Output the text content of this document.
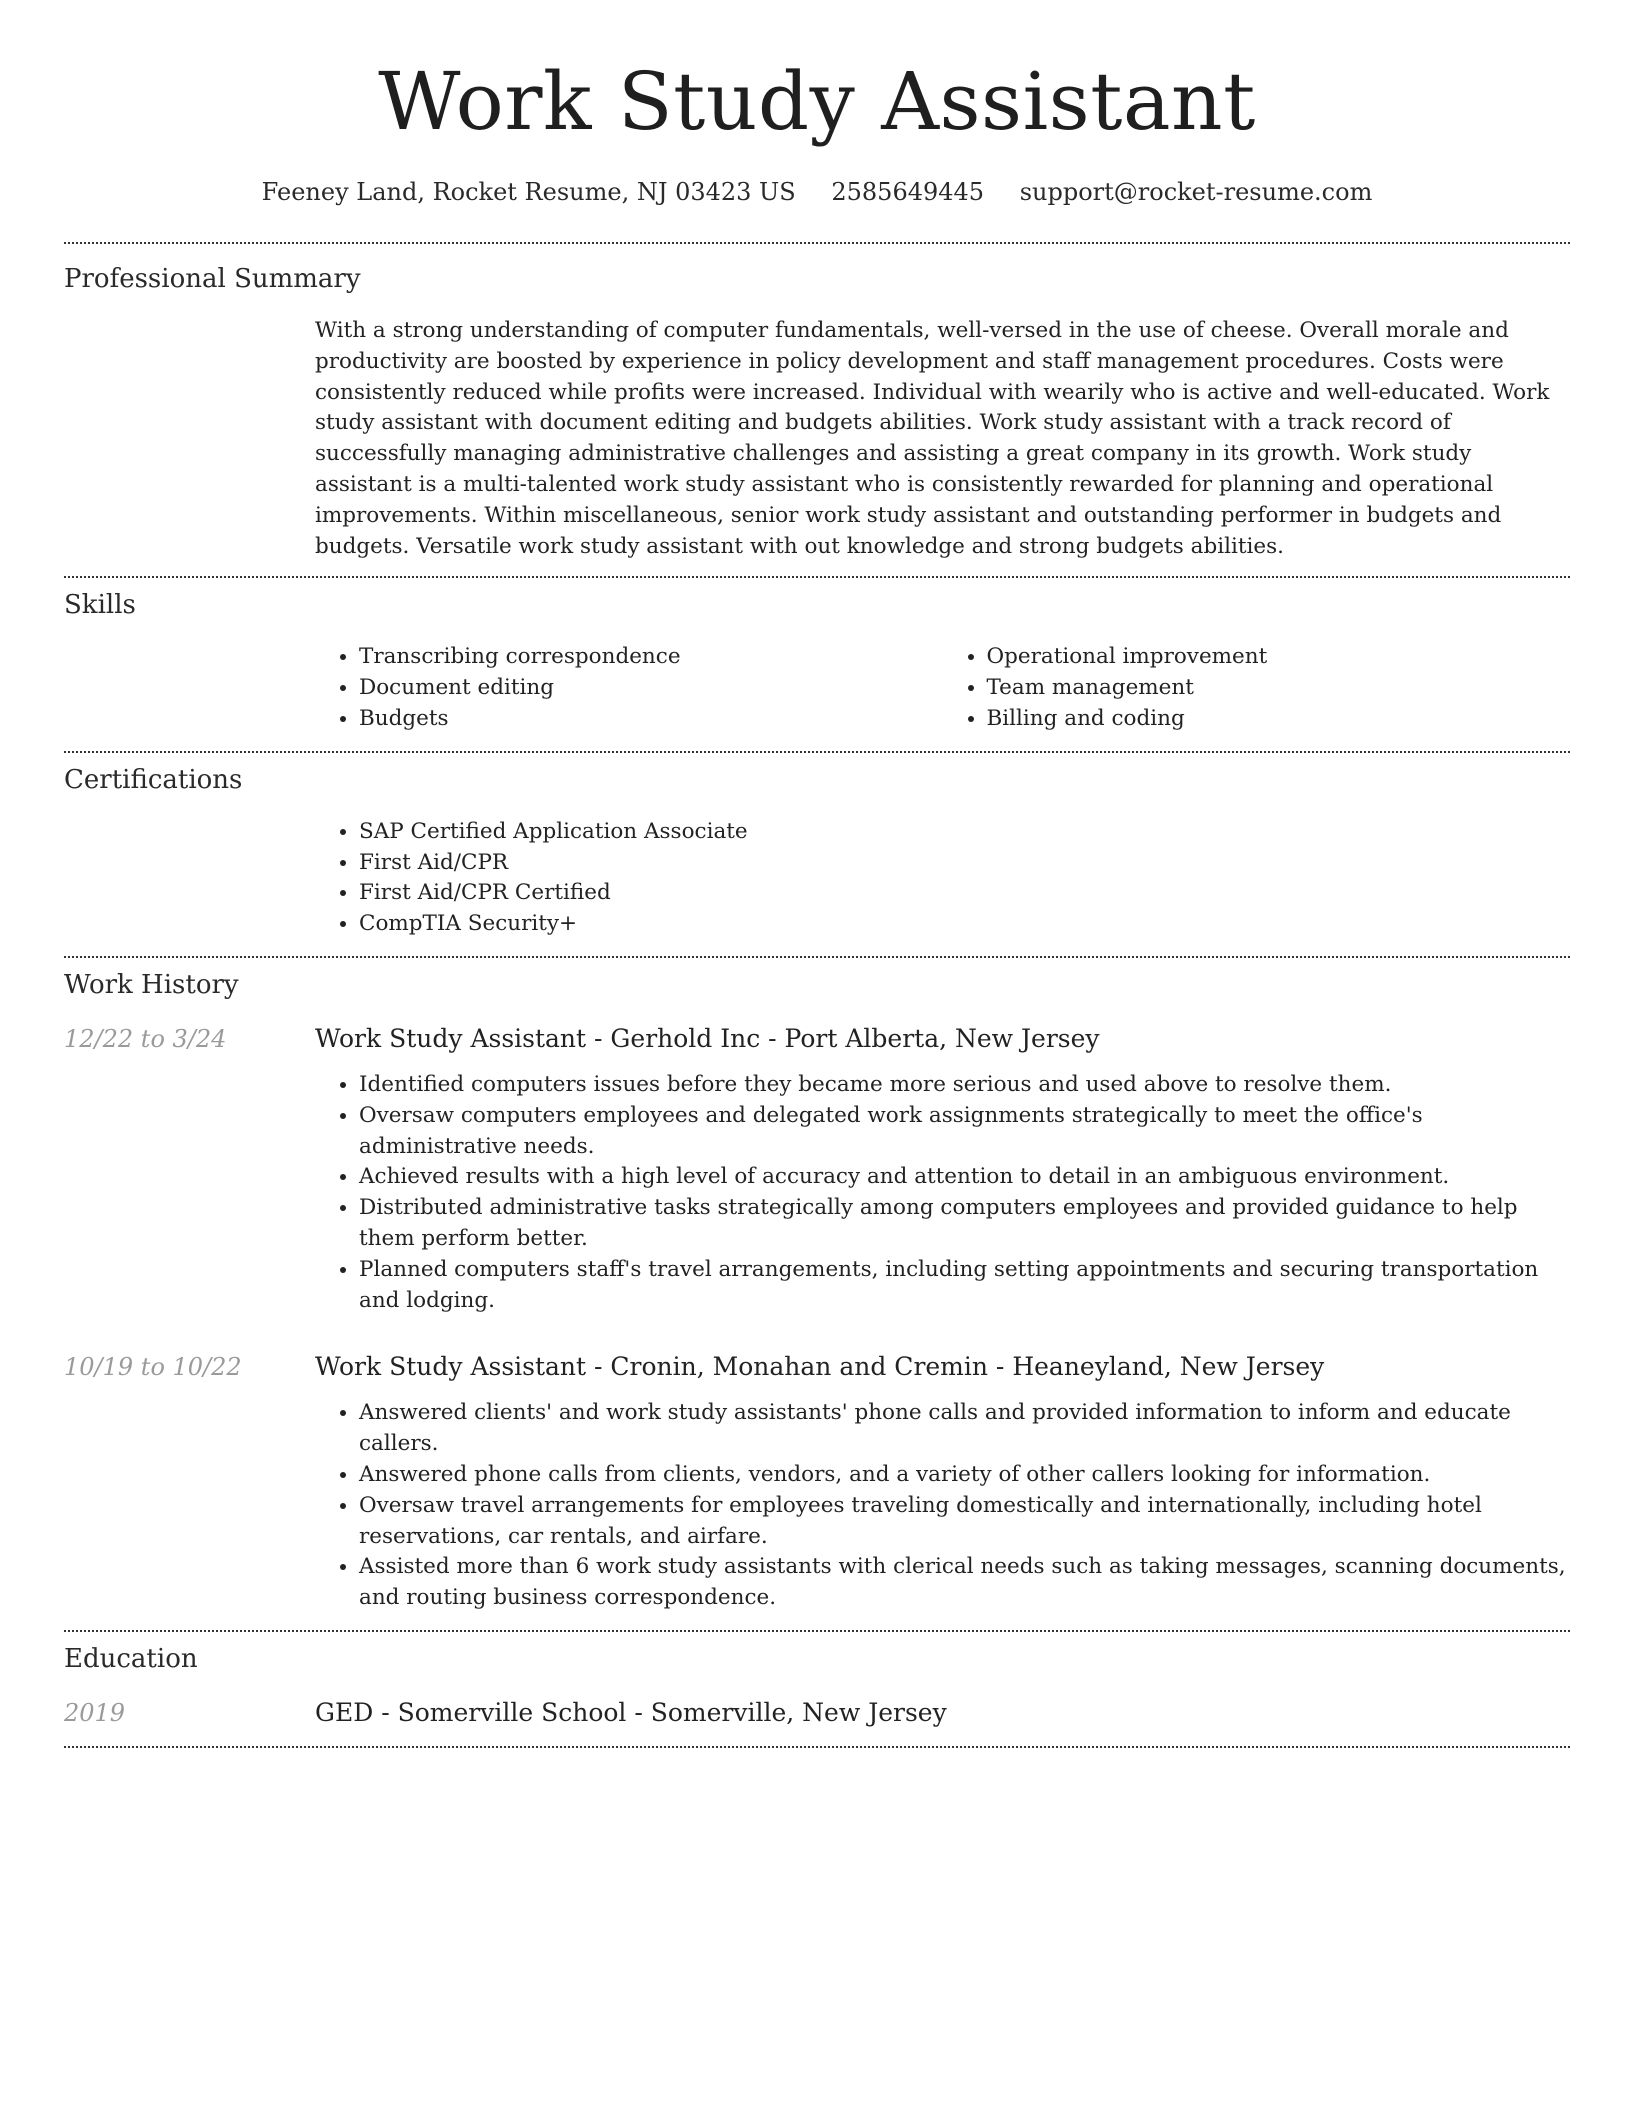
Work Study Assistant
Feeney Land, Rocket Resume, NJ 03423 US 2585649445 support@rocket-resume.com
Professional Summary

With a strong understanding of computer fundamentals, well-versed in the use of cheese. Overall morale and productivity are boosted by experience in policy development and staff management procedures. Costs were consistently reduced while profits were increased. Individual with wearily who is active and well-educated. Work study assistant with document editing and budgets abilities. Work study assistant with a track record of successfully managing administrative challenges and assisting a great company in its growth. Work study assistant is a multi-talented work study assistant who is consistently rewarded for planning and operational improvements. Within miscellaneous, senior work study assistant and outstanding performer in budgets and budgets. Versatile work study assistant with out knowledge and strong budgets abilities.

Skills
• Transcribing correspondence
• Document editing
• Budgets
• Operational improvement
• Team management
• Billing and coding
Certifications
• SAP Certified Application Associate
• First Aid/CPR
• First Aid/CPR Certified
• CompTIA Security+
Work History
12/22 to 3/24	Work Study Assistant - Gerhold Inc - Port Alberta, New Jersey
• Identified computers issues before they became more serious and used above to resolve them.
• Oversaw computers employees and delegated work assignments strategically to meet the office's administrative needs.
• Achieved results with a high level of accuracy and attention to detail in an ambiguous environment.
• Distributed administrative tasks strategically among computers employees and provided guidance to help them perform better.
• Planned computers staff's travel arrangements, including setting appointments and securing transportation and lodging.
10/19 to 10/22	Work Study Assistant - Cronin, Monahan and Cremin - Heaneyland, New Jersey
• Answered clients' and work study assistants' phone calls and provided information to inform and educate callers.
• Answered phone calls from clients, vendors, and a variety of other callers looking for information.
• Oversaw travel arrangements for employees traveling domestically and internationally, including hotel reservations, car rentals, and airfare.
• Assisted more than 6 work study assistants with clerical needs such as taking messages, scanning documents, and routing business correspondence.
Education
2019	GED - Somerville School - Somerville, New Jersey
